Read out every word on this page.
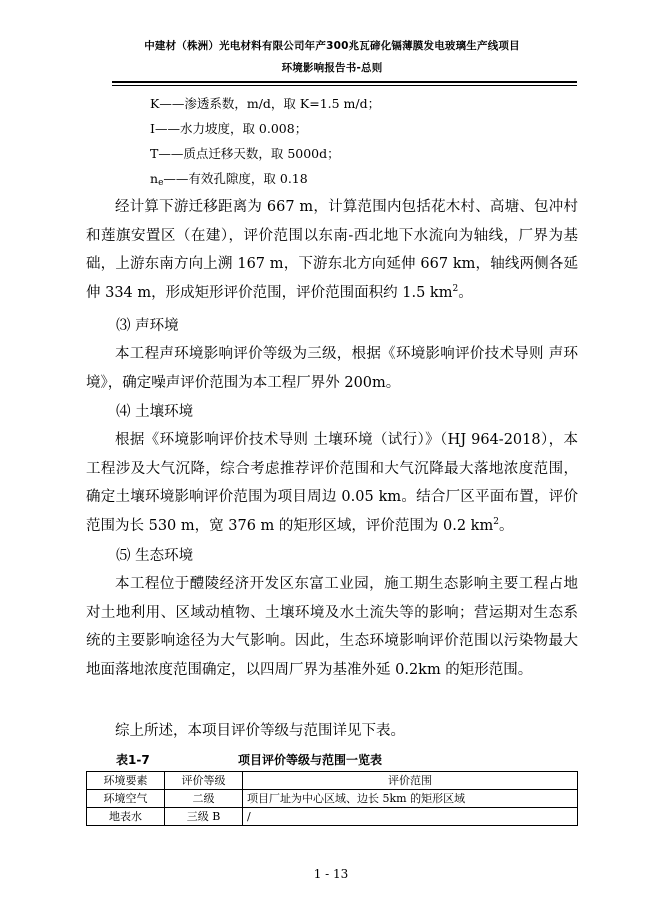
中建材（株洲）光电材料有限公司年产300兆瓦碲化镉薄膜发电玻璃生产线项目
环境影响报告书-总则
K——渗透系数，m/d，取 K=1.5 m/d；
I——水力坡度，取 0.008；
T——质点迁移天数，取 5000d；
$n_e——$有效孔隙度，取 0.18
经计算下游迁移距离为 667 m，计算范围内包括花木村、高塘、包冲村和莲旗安置区（在建），评价范围以东南-西北地下水流向为轴线，厂界为基础，上游东南方向上溯 167 m，下游东北方向延伸 667 km，轴线两侧各延伸 334 m，形成矩形评价范围，评价范围面积约 1.5 $km^2$。
⑶ 声环境
本工程声环境影响评价等级为三级，根据《环境影响评价技术导则 声环境》，确定噪声评价范围为本工程厂界外 200m。
⑷ 土壤环境
根据《环境影响评价技术导则 土壤环境（试行）》（HJ 964-2018），本工程涉及大气沉降，综合考虑推荐评价范围和大气沉降最大落地浓度范围，确定土壤环境影响评价范围为项目周边 0.05 km。结合厂区平面布置，评价范围为长 530 m，宽 376 m 的矩形区域，评价范围为 0.2 $km^2$。
⑸ 生态环境
本工程位于醴陵经济开发区东富工业园，施工期生态影响主要工程占地对土地利用、区域动植物、土壤环境及水土流失等的影响；营运期对生态系统的主要影响途径为大气影响。因此，生态环境影响评价范围以污染物最大地面落地浓度范围确定，以四周厂界为基准外延 0.2km 的矩形范围。
综上所述，本项目评价等级与范围详见下表。
表1-7	项目评价等级与范围一览表
环境要素	评价等级	评价范围
环境空气	二级	项目厂址为中心区域、边长 5km 的矩形区域
地表水	三级 B	/
1 - 13
